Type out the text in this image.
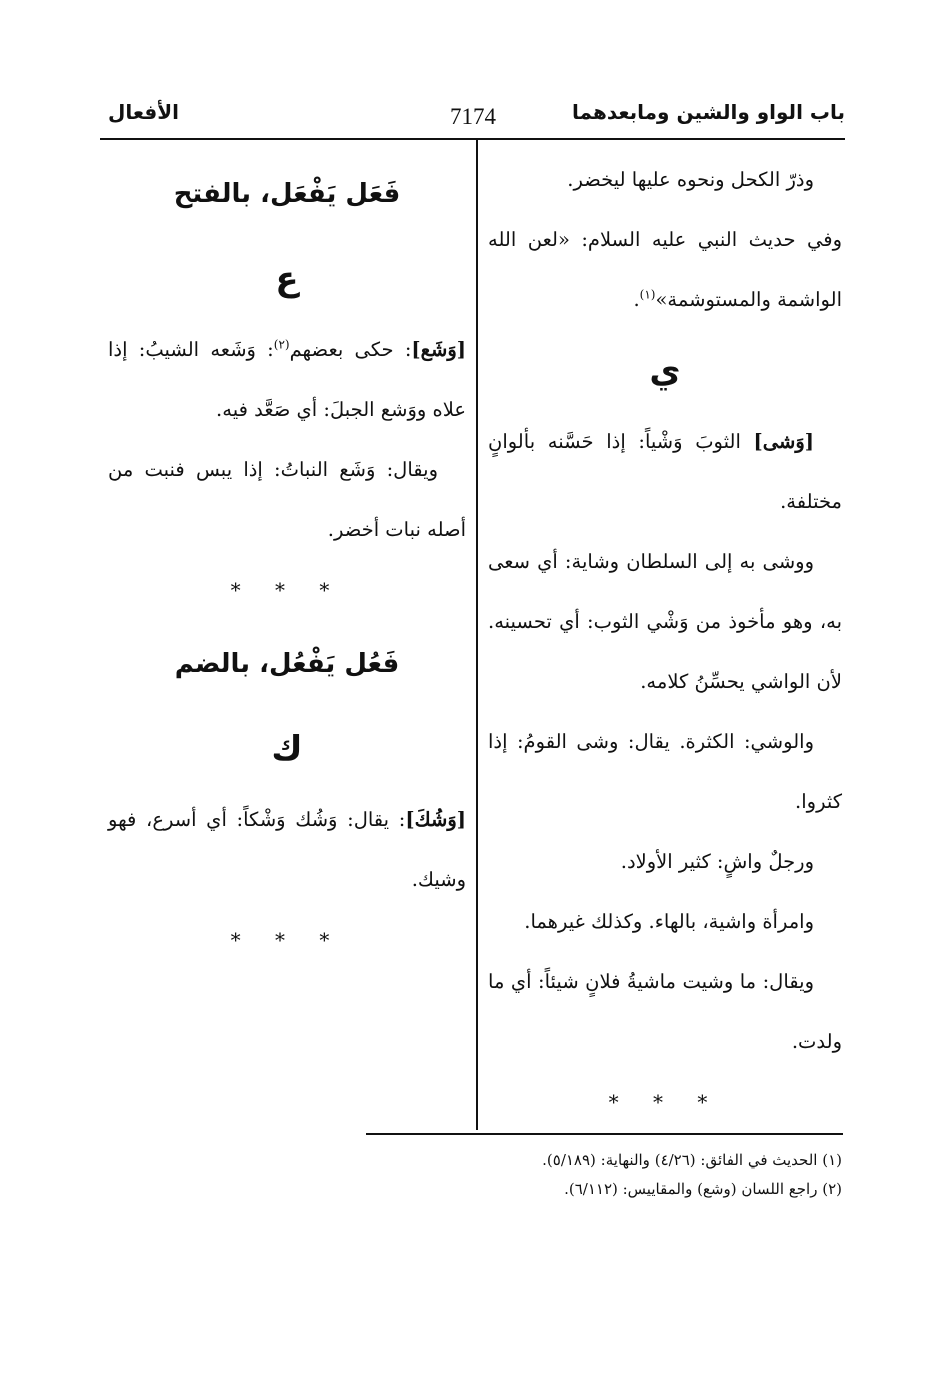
باب الواو والشين ومابعدهما
7174
الأفعال

وذرّ الكحل ونحوه عليها ليخضر.

وفي حديث النبي عليه السلام: «لعن الله الواشمة والمستوشمة»$^{(١)}$.

ي

[وَشى] الثوبَ وَشْياً: إذا حَسَّنه بألوانٍ مختلفة.

ووشى به إلى السلطان وشاية: أي سعى به، وهو مأخوذ من وَشْي الثوب: أي تحسينه. لأن الواشي يحسِّنُ كلامه.

والوشي: الكثرة. يقال: وشى القومُ: إذا كثروا.

ورجلٌ واشٍ: كثير الأولاد.

وامرأة واشية، بالهاء. وكذلك غيرهما.

ويقال: ما وشيت ماشيةُ فلانٍ شيئاً: أي ما ولدت.

* * *

فَعَل يَفْعَل، بالفتح

ع

[وَشَع]: حكى بعضهم$^{(٢)}$: وَشَعه الشيبُ: إذا علاه ووَشع الجبلَ: أي صَعَّد فيه.

ويقال: وَشَع النباتُ: إذا يبس فنبت من أصله نبات أخضر.

* * *

فَعُل يَفْعُل، بالضم

ك

[وَشُكَ]: يقال: وَشُك وَشْكاً: أي أسرع، فهو وشيك.

* * *

(١) الحديث في الفائق: (٤/٢٦) والنهاية: (٥/١٨٩).

(٢) راجع اللسان (وشع) والمقاييس: (٦/١١٢).
